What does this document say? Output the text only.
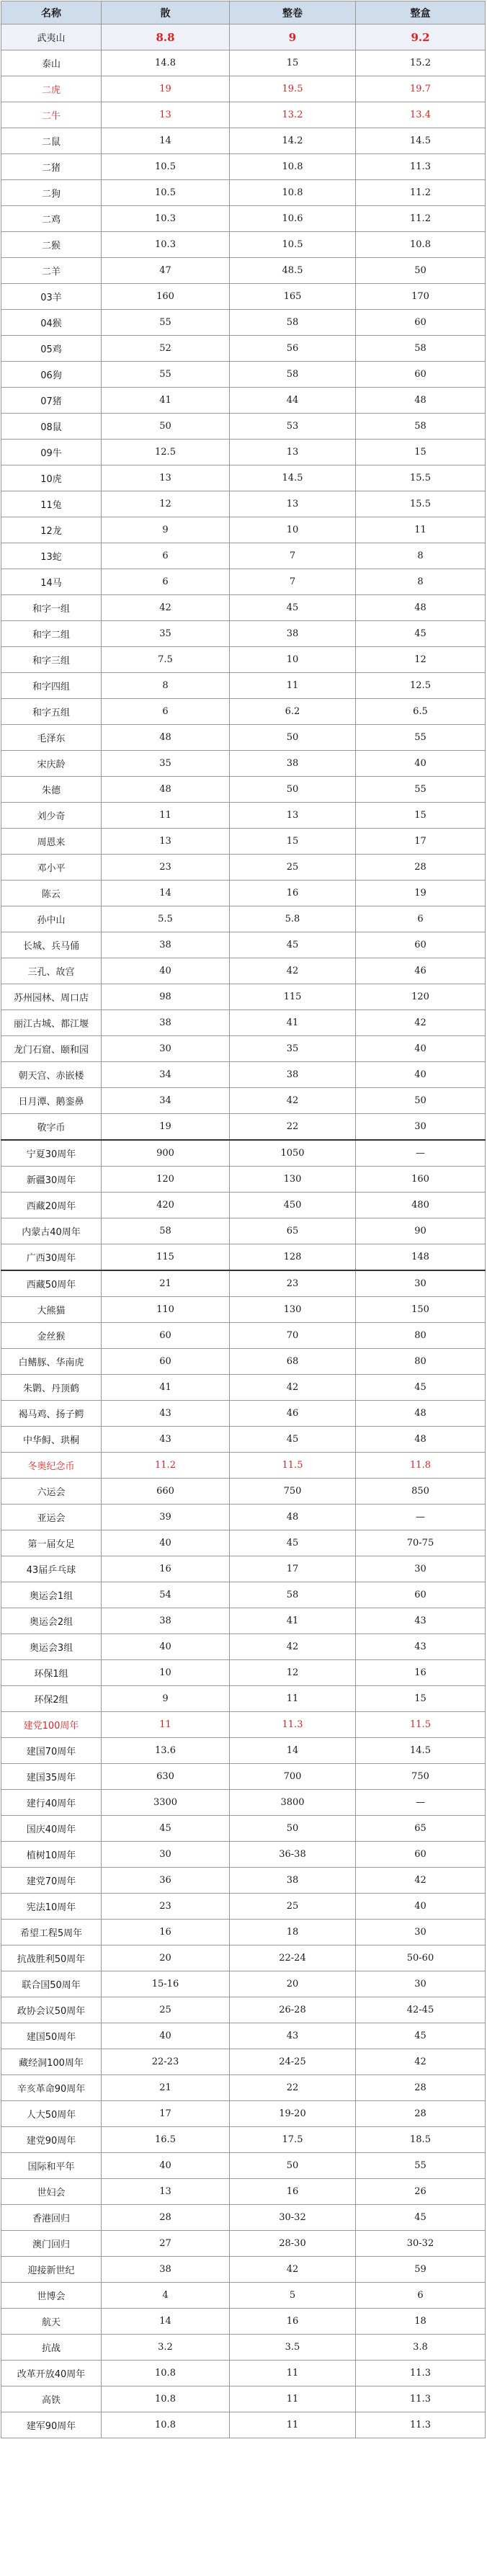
名称	散	整卷	整盒
武夷山	8.8	9	9.2
泰山	14.8	15	15.2
二虎	19	19.5	19.7
二牛	13	13.2	13.4
二鼠	14	14.2	14.5
二猪	10.5	10.8	11.3
二狗	10.5	10.8	11.2
二鸡	10.3	10.6	11.2
二猴	10.3	10.5	10.8
二羊	47	48.5	50
03羊	160	165	170
04猴	55	58	60
05鸡	52	56	58
06狗	55	58	60
07猪	41	44	48
08鼠	50	53	58
09牛	12.5	13	15
10虎	13	14.5	15.5
11兔	12	13	15.5
12龙	9	10	11
13蛇	6	7	8
14马	6	7	8
和字一组	42	45	48
和字二组	35	38	45
和字三组	7.5	10	12
和字四组	8	11	12.5
和字五组	6	6.2	6.5
毛泽东	48	50	55
宋庆龄	35	38	40
朱德	48	50	55
刘少奇	11	13	15
周恩来	13	15	17
邓小平	23	25	28
陈云	14	16	19
孙中山	5.5	5.8	6
长城、兵马俑	38	45	60
三孔、故宫	40	42	46
苏州园林、周口店	98	115	120
丽江古城、都江堰	38	41	42
龙门石窟、颐和园	30	35	40
朝天宫、赤嵌楼	34	38	40
日月潭、鹅銮鼻	34	42	50
敬字币	19	22	30
宁夏30周年	900	1050	—
新疆30周年	120	130	160
西藏20周年	420	450	480
内蒙古40周年	58	65	90
广西30周年	115	128	148
西藏50周年	21	23	30
大熊猫	110	130	150
金丝猴	60	70	80
白鳍豚、华南虎	60	68	80
朱鹮、丹顶鹤	41	42	45
褐马鸡、扬子鳄	43	46	48
中华鲟、珙桐	43	45	48
冬奥纪念币	11.2	11.5	11.8
六运会	660	750	850
亚运会	39	48	—
第一届女足	40	45	70-75
43届乒乓球	16	17	30
奥运会1组	54	58	60
奥运会2组	38	41	43
奥运会3组	40	42	43
环保1组	10	12	16
环保2组	9	11	15
建党100周年	11	11.3	11.5
建国70周年	13.6	14	14.5
建国35周年	630	700	750
建行40周年	3300	3800	—
国庆40周年	45	50	65
植树10周年	30	36-38	60
建党70周年	36	38	42
宪法10周年	23	25	40
希望工程5周年	16	18	30
抗战胜利50周年	20	22-24	50-60
联合国50周年	15-16	20	30
政协会议50周年	25	26-28	42-45
建国50周年	40	43	45
藏经洞100周年	22-23	24-25	42
辛亥革命90周年	21	22	28
人大50周年	17	19-20	28
建党90周年	16.5	17.5	18.5
国际和平年	40	50	55
世妇会	13	16	26
香港回归	28	30-32	45
澳门回归	27	28-30	30-32
迎接新世纪	38	42	59
世博会	4	5	6
航天	14	16	18
抗战	3.2	3.5	3.8
改革开放40周年	10.8	11	11.3
高铁	10.8	11	11.3
建军90周年	10.8	11	11.3
